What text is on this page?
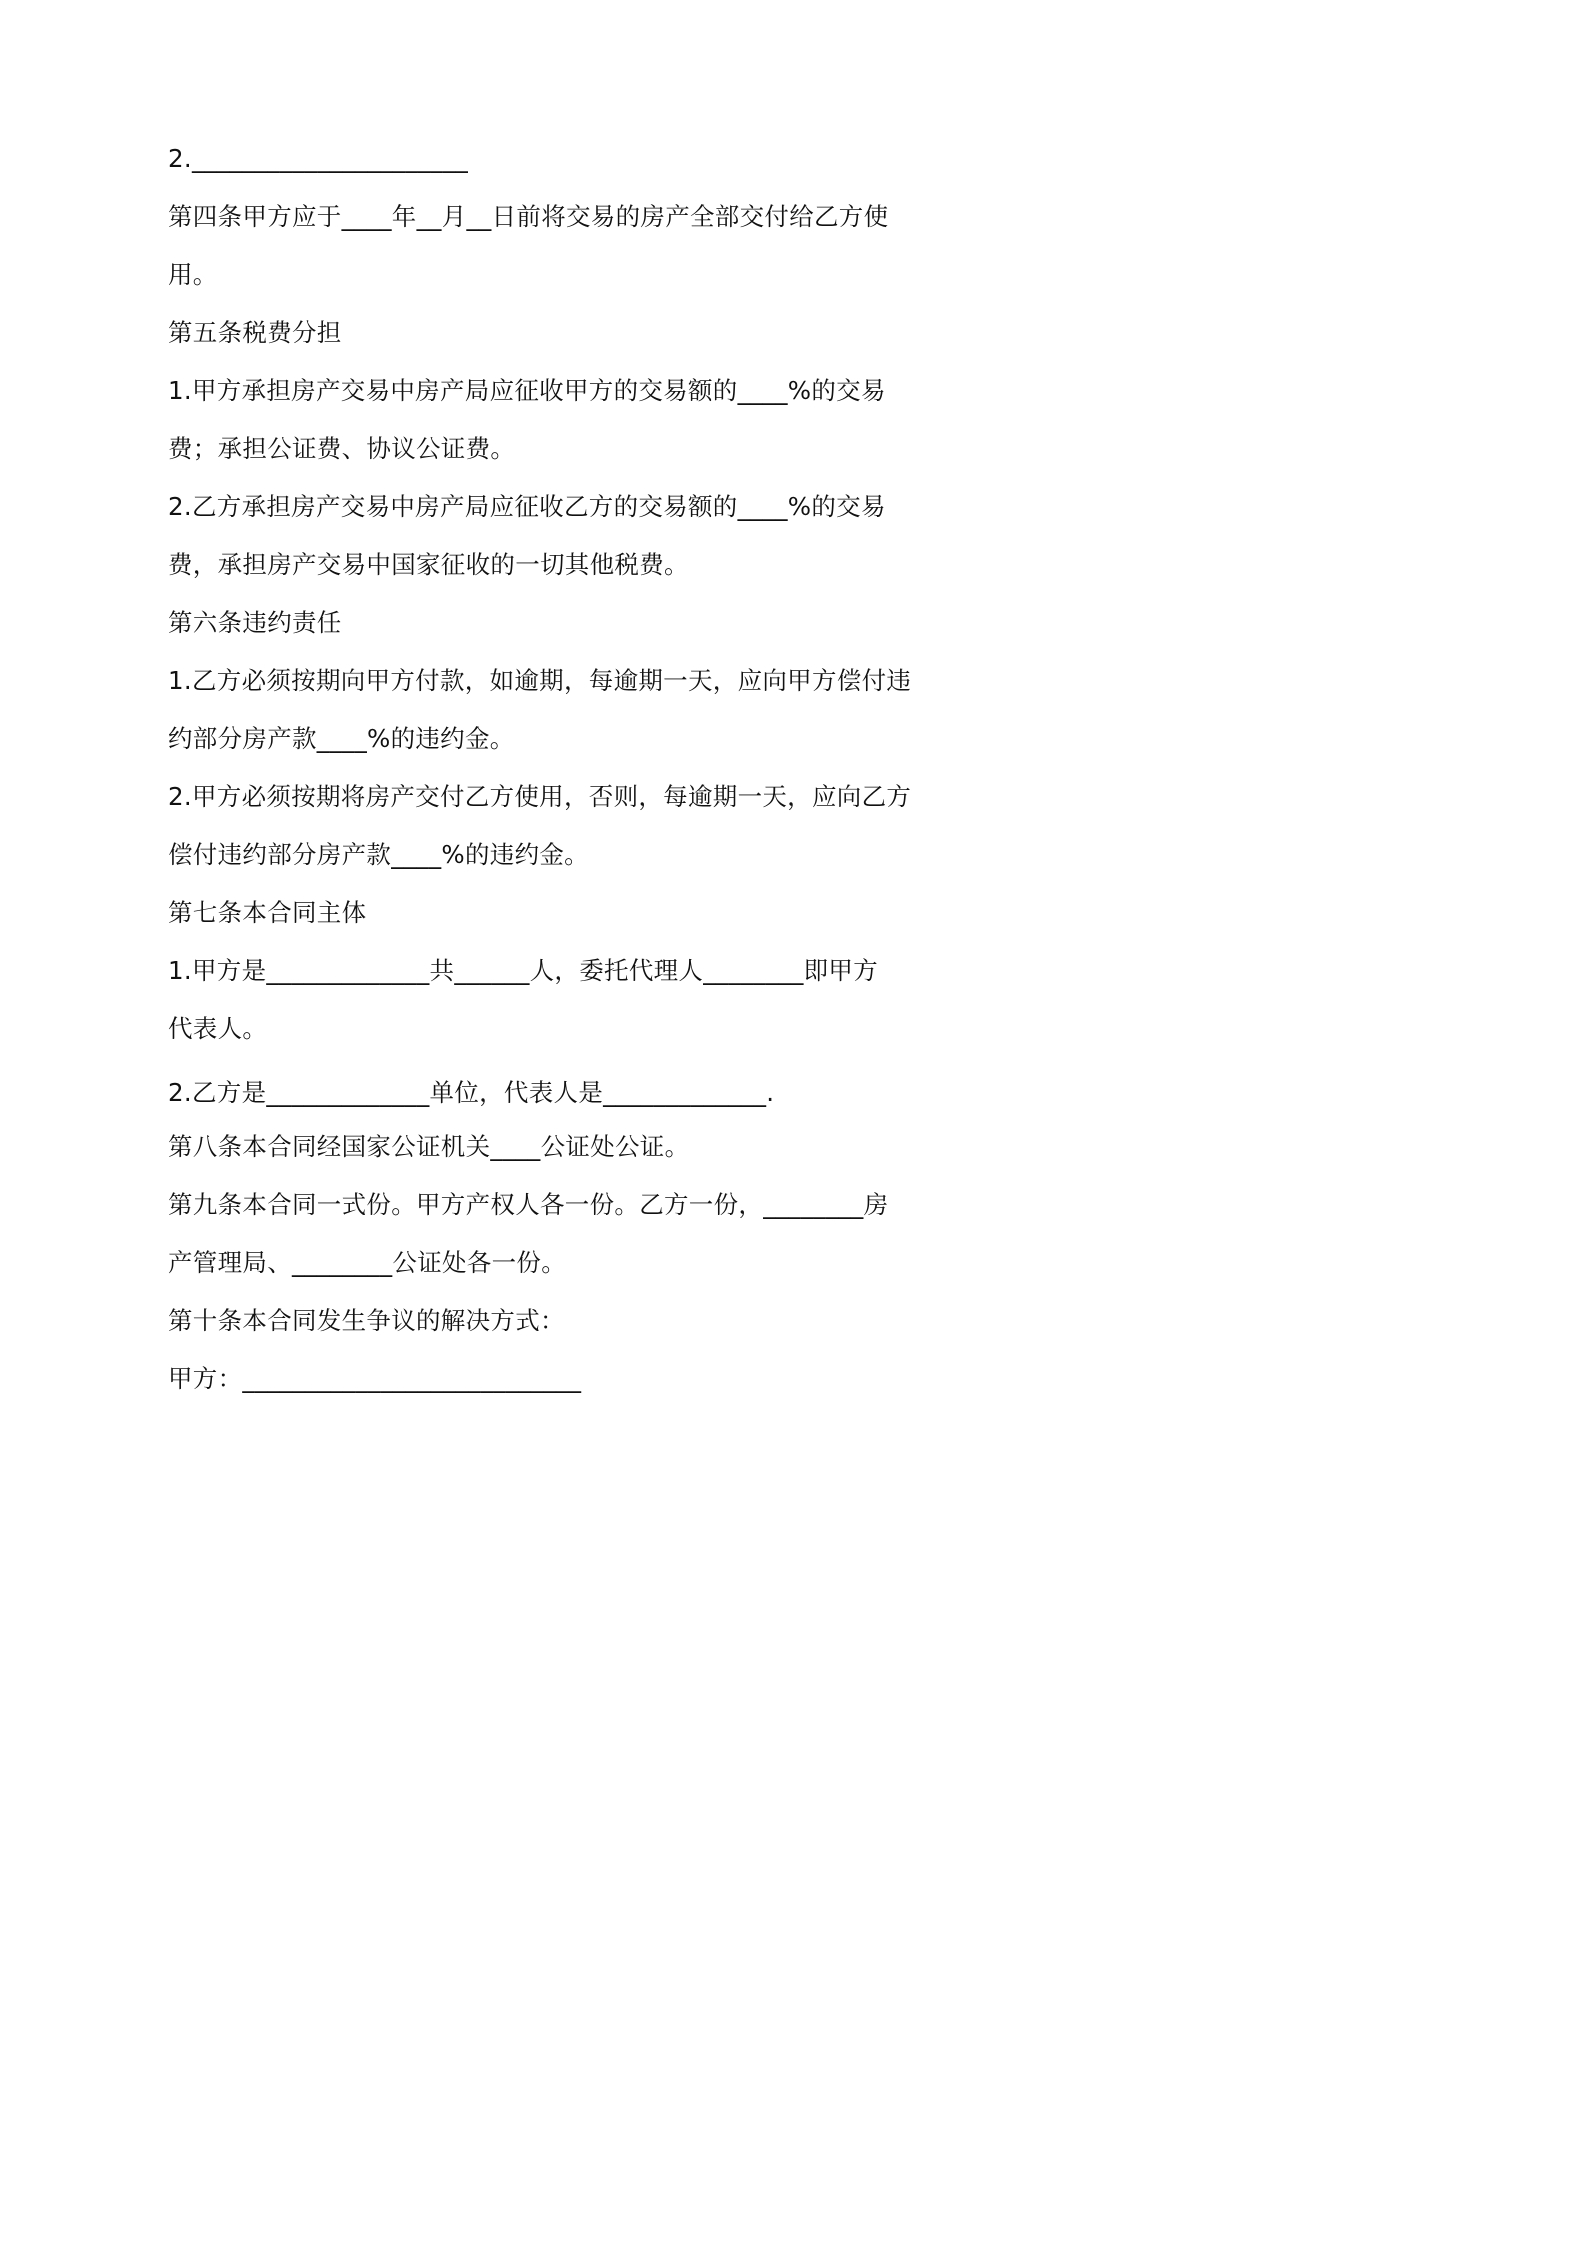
2.______________________
第四条甲方应于____年__月__日前将交易的房产全部交付给乙方使
用。
第五条税费分担
1.甲方承担房产交易中房产局应征收甲方的交易额的____%的交易
费；承担公证费、协议公证费。
2.乙方承担房产交易中房产局应征收乙方的交易额的____%的交易
费，承担房产交易中国家征收的一切其他税费。
第六条违约责任
1.乙方必须按期向甲方付款，如逾期，每逾期一天，应向甲方偿付违
约部分房产款____%的违约金。
2.甲方必须按期将房产交付乙方使用，否则，每逾期一天，应向乙方
偿付违约部分房产款____%的违约金。
第七条本合同主体
1.甲方是_____________共______人，委托代理人________即甲方
代表人。
2.乙方是_____________单位，代表人是_____________.
第八条本合同经国家公证机关____公证处公证。
第九条本合同一式份。甲方产权人各一份。乙方一份，________房
产管理局、________公证处各一份。
第十条本合同发生争议的解决方式：
甲方：___________________________
